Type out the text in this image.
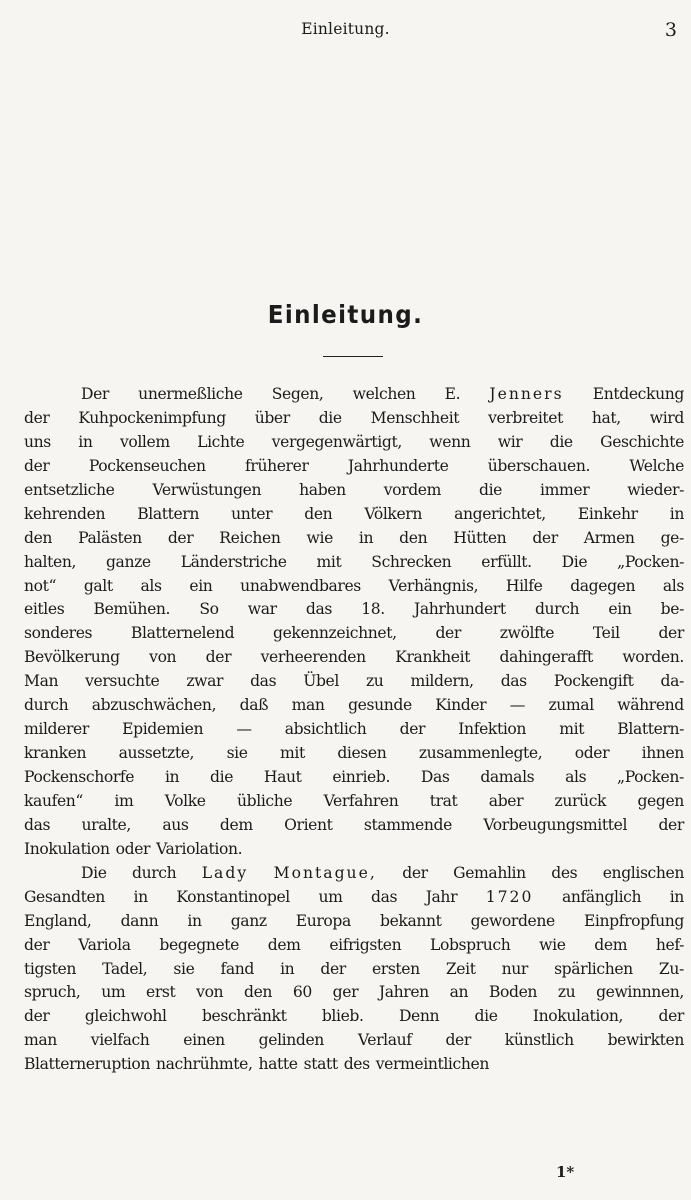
Einleitung.	3
Einleitung.
Der unermeßliche Segen, welchen E. Jenners Entdeckung
der Kuhpockenimpfung über die Menschheit verbreitet hat, wird
uns in vollem Lichte vergegenwärtigt, wenn wir die Geschichte
der	Pockenseuchen	früherer	Jahrhunderte	überschauen.	Welche
entsetzliche Verwüstungen haben vordem die immer wieder-
kehrenden Blattern unter den Völkern angerichtet, Einkehr in
den Palästen der Reichen wie in den Hütten der Armen ge-
halten, ganze Länderstriche mit Schrecken erfüllt. Die „Pocken-
not“ galt als ein unabwendbares Verhängnis, Hilfe dagegen als
eitles Bemühen. So war das 18. Jahrhundert durch ein be-
sonderes Blatternelend gekennzeichnet, der zwölfte Teil der
Bevölkerung von der verheerenden Krankheit dahingerafft worden.
Man versuchte zwar das Übel zu mildern, das Pockengift da-
durch abzuschwächen, daß man gesunde Kinder — zumal während
milderer Epidemien — absichtlich der Infektion mit Blattern-
kranken aussetzte, sie mit diesen zusammenlegte, oder ihnen
Pockenschorfe in die Haut einrieb. Das damals als „Pocken-
kaufen“ im Volke übliche Verfahren trat aber zurück gegen
das uralte, aus dem Orient stammende Vorbeugungsmittel der
Inokulation oder Variolation.
Die durch Lady Montague, der Gemahlin des englischen
Gesandten in Konstantinopel um das Jahr 1720 anfänglich in
England, dann in ganz Europa bekannt gewordene Einpfropfung
der Variola begegnete dem eifrigsten Lobspruch wie dem hef-
tigsten Tadel, sie fand in der ersten Zeit nur spärlichen Zu-
spruch, um erst von den 60 ger Jahren an Boden zu gewinnnen,
der gleichwohl beschränkt blieb. Denn die Inokulation, der
man vielfach einen gelinden Verlauf der künstlich bewirkten
Blatterneruption nachrühmte, hatte statt des vermeintlichen
1*
